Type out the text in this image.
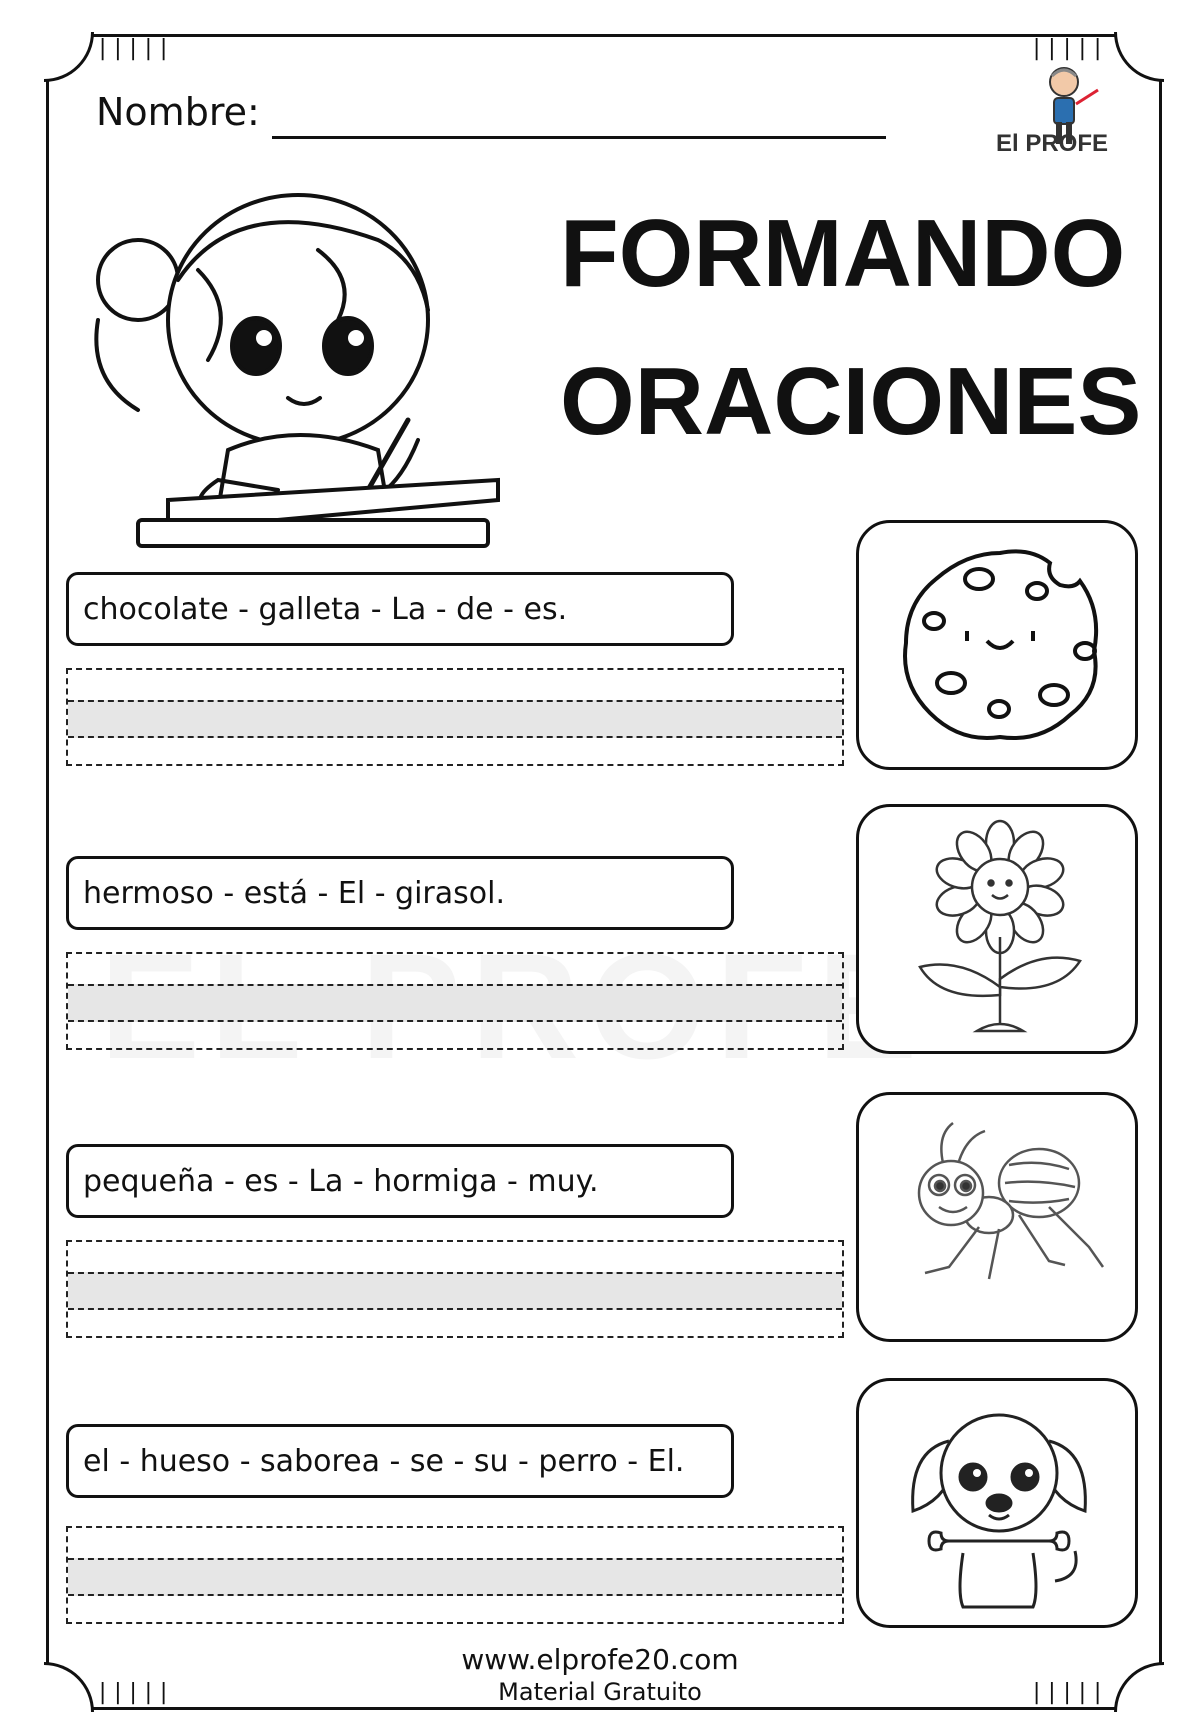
|||||	|||||
|||||	|||||
Nombre:
El PROFE
FORMANDO
ORACIONES
chocolate - galleta - La - de - es.
hermoso - está - El - girasol.
pequeña - es - La - hormiga - muy.
el - hueso - saborea - se - su - perro - El.
www.elprofe20.com
Material Gratuito
